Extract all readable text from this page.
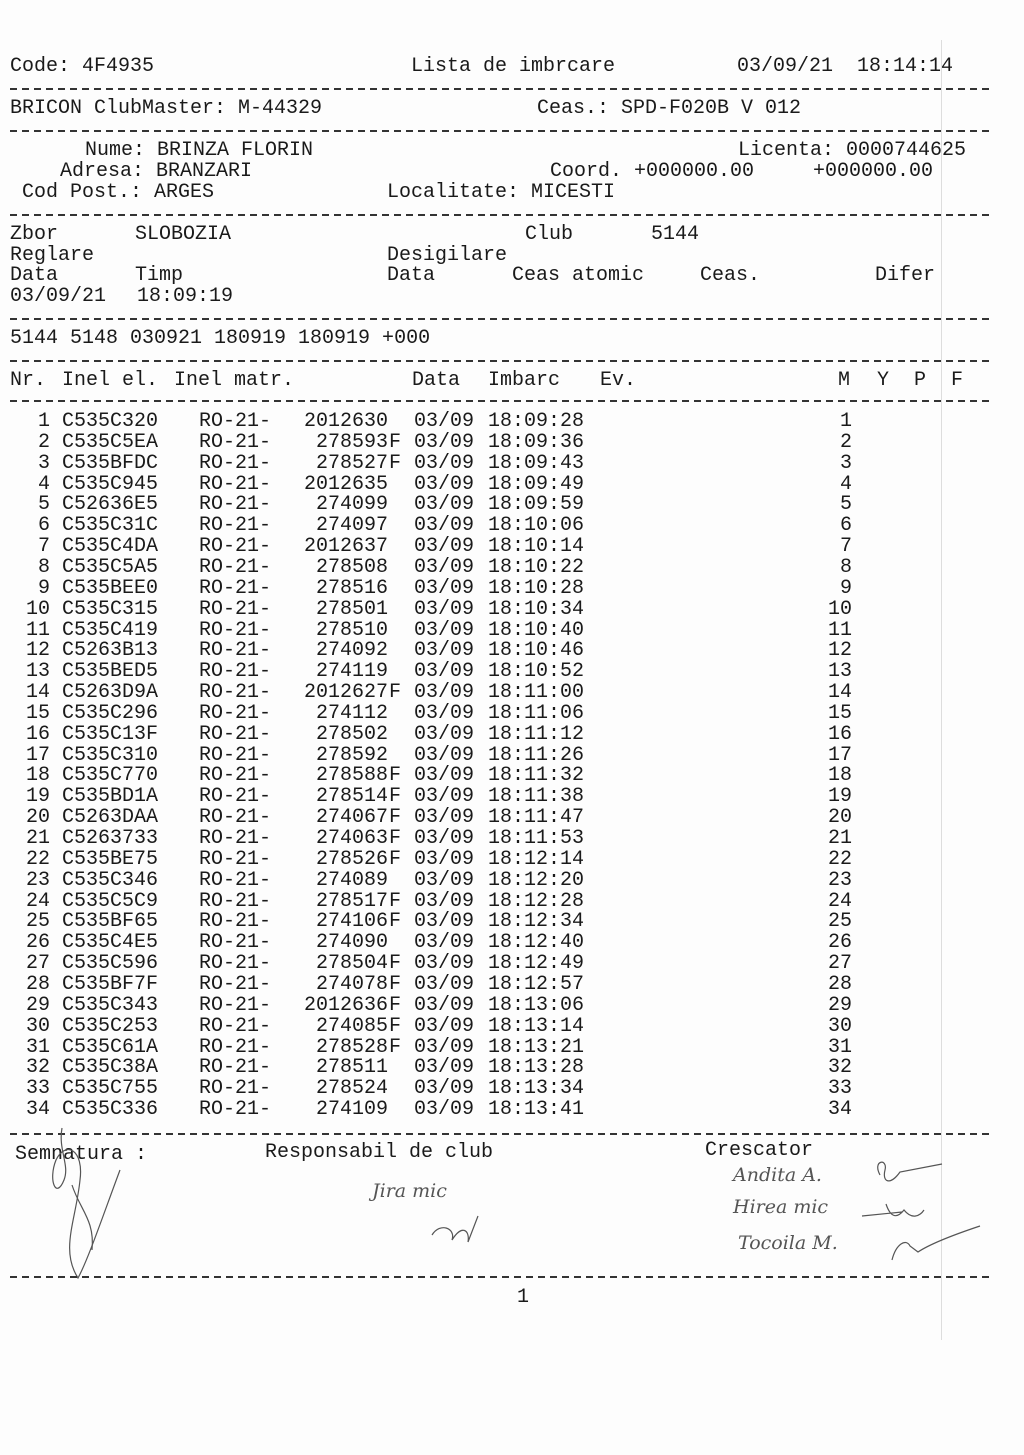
Code: 4F4935	Lista de imbrcare	03/09/21  18:14:14
BRICON ClubMaster: M-44329	Ceas.: SPD-F020B V 012
Nume: BRINZA FLORIN	Licenta: 0000744625
Adresa: BRANZARI	Coord. +000000.00	+000000.00
Cod Post.: ARGES	Localitate: MICESTI
Zbor	SLOBOZIA	Club	5144
Reglare	Desigilare
Data	Timp	Data	Ceas atomic	Ceas.	Difer
03/09/21 18:09:19
5144 5148 030921 180919 180919 +000
Nr. Inel el. Inel matr.	Data Imbarc Ev.	M Y P F
1 C535C320 RO-21- 2012630 03/09 18:09:28	1
2 C535C5EA RO-21- 278593 F 03/09 18:09:36	2
3 C535BFDC RO-21- 278527 F 03/09 18:09:43	3
4 C535C945 RO-21- 2012635 03/09 18:09:49	4
5 C52636E5 RO-21- 274099 03/09 18:09:59	5
6 C535C31C RO-21- 274097 03/09 18:10:06	6
7 C535C4DA RO-21- 2012637 03/09 18:10:14	7
8 C535C5A5 RO-21- 278508 03/09 18:10:22	8
9 C535BEE0 RO-21- 278516 03/09 18:10:28	9
10 C535C315 RO-21- 278501 03/09 18:10:34	10
11 C535C419 RO-21- 278510 03/09 18:10:40	11
12 C5263B13 RO-21- 274092 03/09 18:10:46	12
13 C535BED5 RO-21- 274119 03/09 18:10:52	13
14 C5263D9A RO-21- 2012627 F 03/09 18:11:00	14
15 C535C296 RO-21- 274112 03/09 18:11:06	15
16 C535C13F RO-21- 278502 03/09 18:11:12	16
17 C535C310 RO-21- 278592 03/09 18:11:26	17
18 C535C770 RO-21- 278588 F 03/09 18:11:32	18
19 C535BD1A RO-21- 278514 F 03/09 18:11:38	19
20 C5263DAA RO-21- 274067 F 03/09 18:11:47	20
21 C5263733 RO-21- 274063 F 03/09 18:11:53	21
22 C535BE75 RO-21- 278526 F 03/09 18:12:14	22
23 C535C346 RO-21- 274089 03/09 18:12:20	23
24 C535C5C9 RO-21- 278517 F 03/09 18:12:28	24
25 C535BF65 RO-21- 274106 F 03/09 18:12:34	25
26 C535C4E5 RO-21- 274090 03/09 18:12:40	26
27 C535C596 RO-21- 278504 F 03/09 18:12:49	27
28 C535BF7F RO-21- 274078 F 03/09 18:12:57	28
29 C535C343 RO-21- 2012636 F 03/09 18:13:06	29
30 C535C253 RO-21- 274085 F 03/09 18:13:14	30
31 C535C61A RO-21- 278528 F 03/09 18:13:21	31
32 C535C38A RO-21- 278511 03/09 18:13:28	32
33 C535C755 RO-21- 278524 03/09 18:13:34	33
34 C535C336 RO-21- 274109 03/09 18:13:41	34
Semnatura :	Responsabil de club	Crescator
Jira mic
Andita A.
Hirea mic
Tocoila M.
1
